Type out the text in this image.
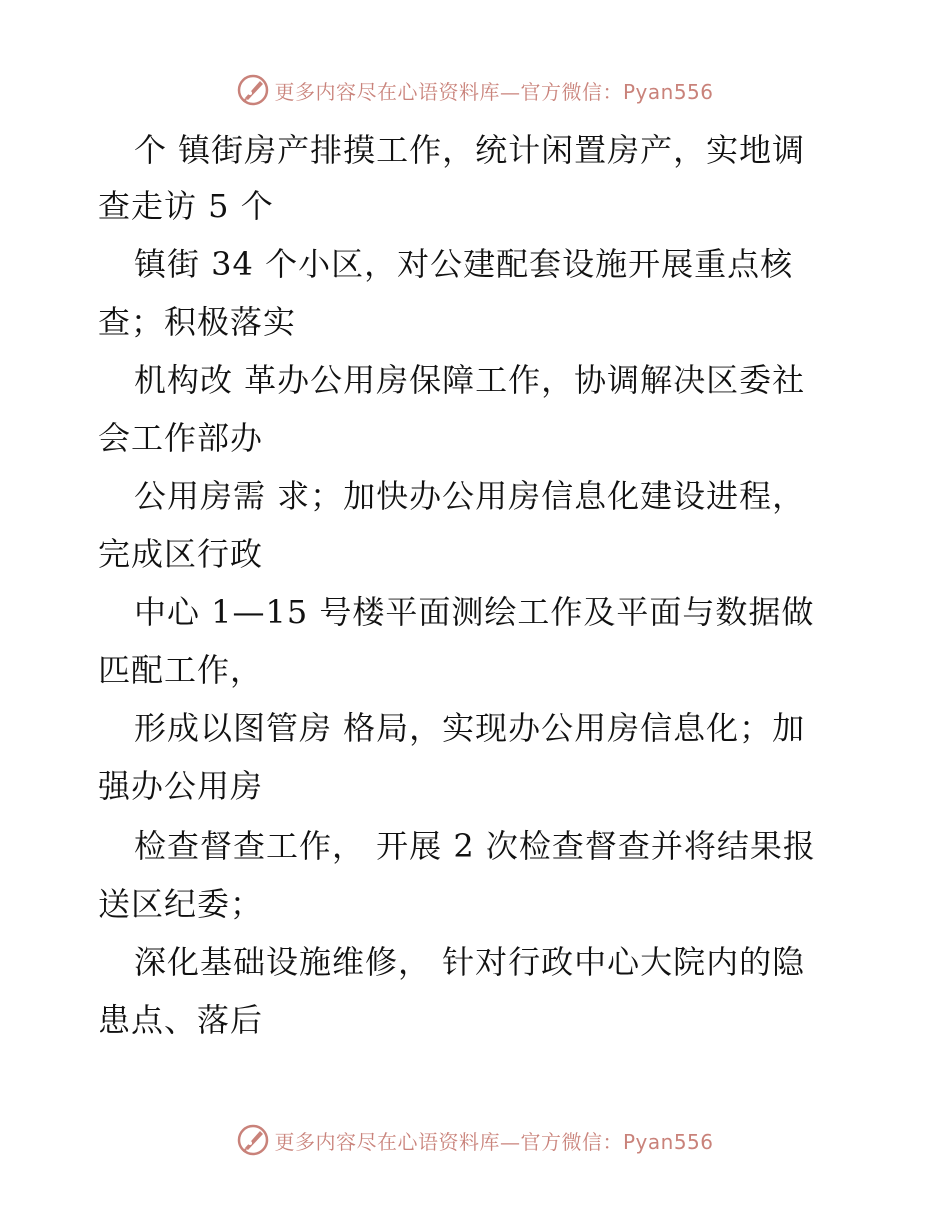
更多内容尽在心语资料库—官方微信：Pyan556
个 镇街房产排摸工作，统计闲置房产，实地调
查走访 5 个
镇街 34 个小区，对公建配套设施开展重点核
查；积极落实
机构改 革办公用房保障工作，协调解决区委社
会工作部办
公用房需 求；加快办公用房信息化建设进程，
完成区行政
中心 1—15 号楼平面测绘工作及平面与数据做
匹配工作，
形成以图管房 格局，实现办公用房信息化；加
强办公用房
检查督查工作， 开展 2 次检查督查并将结果报
送区纪委；
深化基础设施维修， 针对行政中心大院内的隐
患点、落后
更多内容尽在心语资料库—官方微信：Pyan556
